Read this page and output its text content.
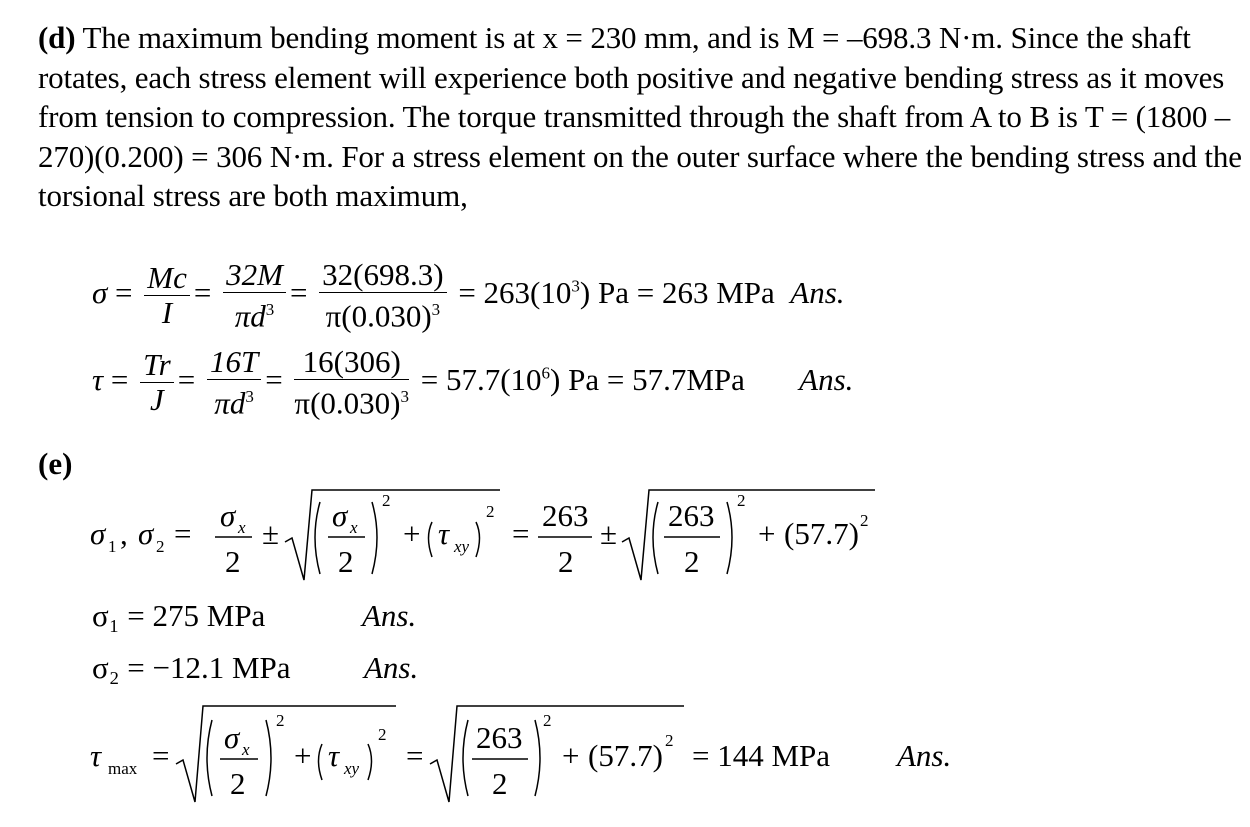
(d) The maximum bending moment is at x = 230 mm, and is M = –698.3 N·m. Since the shaft rotates, each stress element will experience both positive and negative bending stress as it moves from tension to compression. The torque transmitted through the shaft from A to B is T = (1800 – 270)(0.200) = 306 N·m. For a stress element on the outer surface where the bending stress and the torsional stress are both maximum,
$\sigma = \frac{Mc}{I} = \frac{32M}{\pi d^3} = \frac{32(698.3)}{\pi(0.030)^3} = 263(10^3) Pa = 263$ MPa Ans.
$\tau = \frac{Tr}{J} = \frac{16T}{\pi d^3} = \frac{16(306)}{\pi(0.030)^3} = 57.7(10^6) Pa = 57.7MPa$ Ans.
(e)
σ 1 , σ 2 =
σ x
2
±
σ x
2
2
+ τ xy
2
=
263
2
±
263
2
2
+ (57.7) 2
σ₁ = 275 MPa	Ans.
σ₂ = −12.1 MPa Ans.
τ max =
σ x
2
2
+ τ xy
2
=
263
2
2
+ (57.7) 2 = 144 MPa Ans.
